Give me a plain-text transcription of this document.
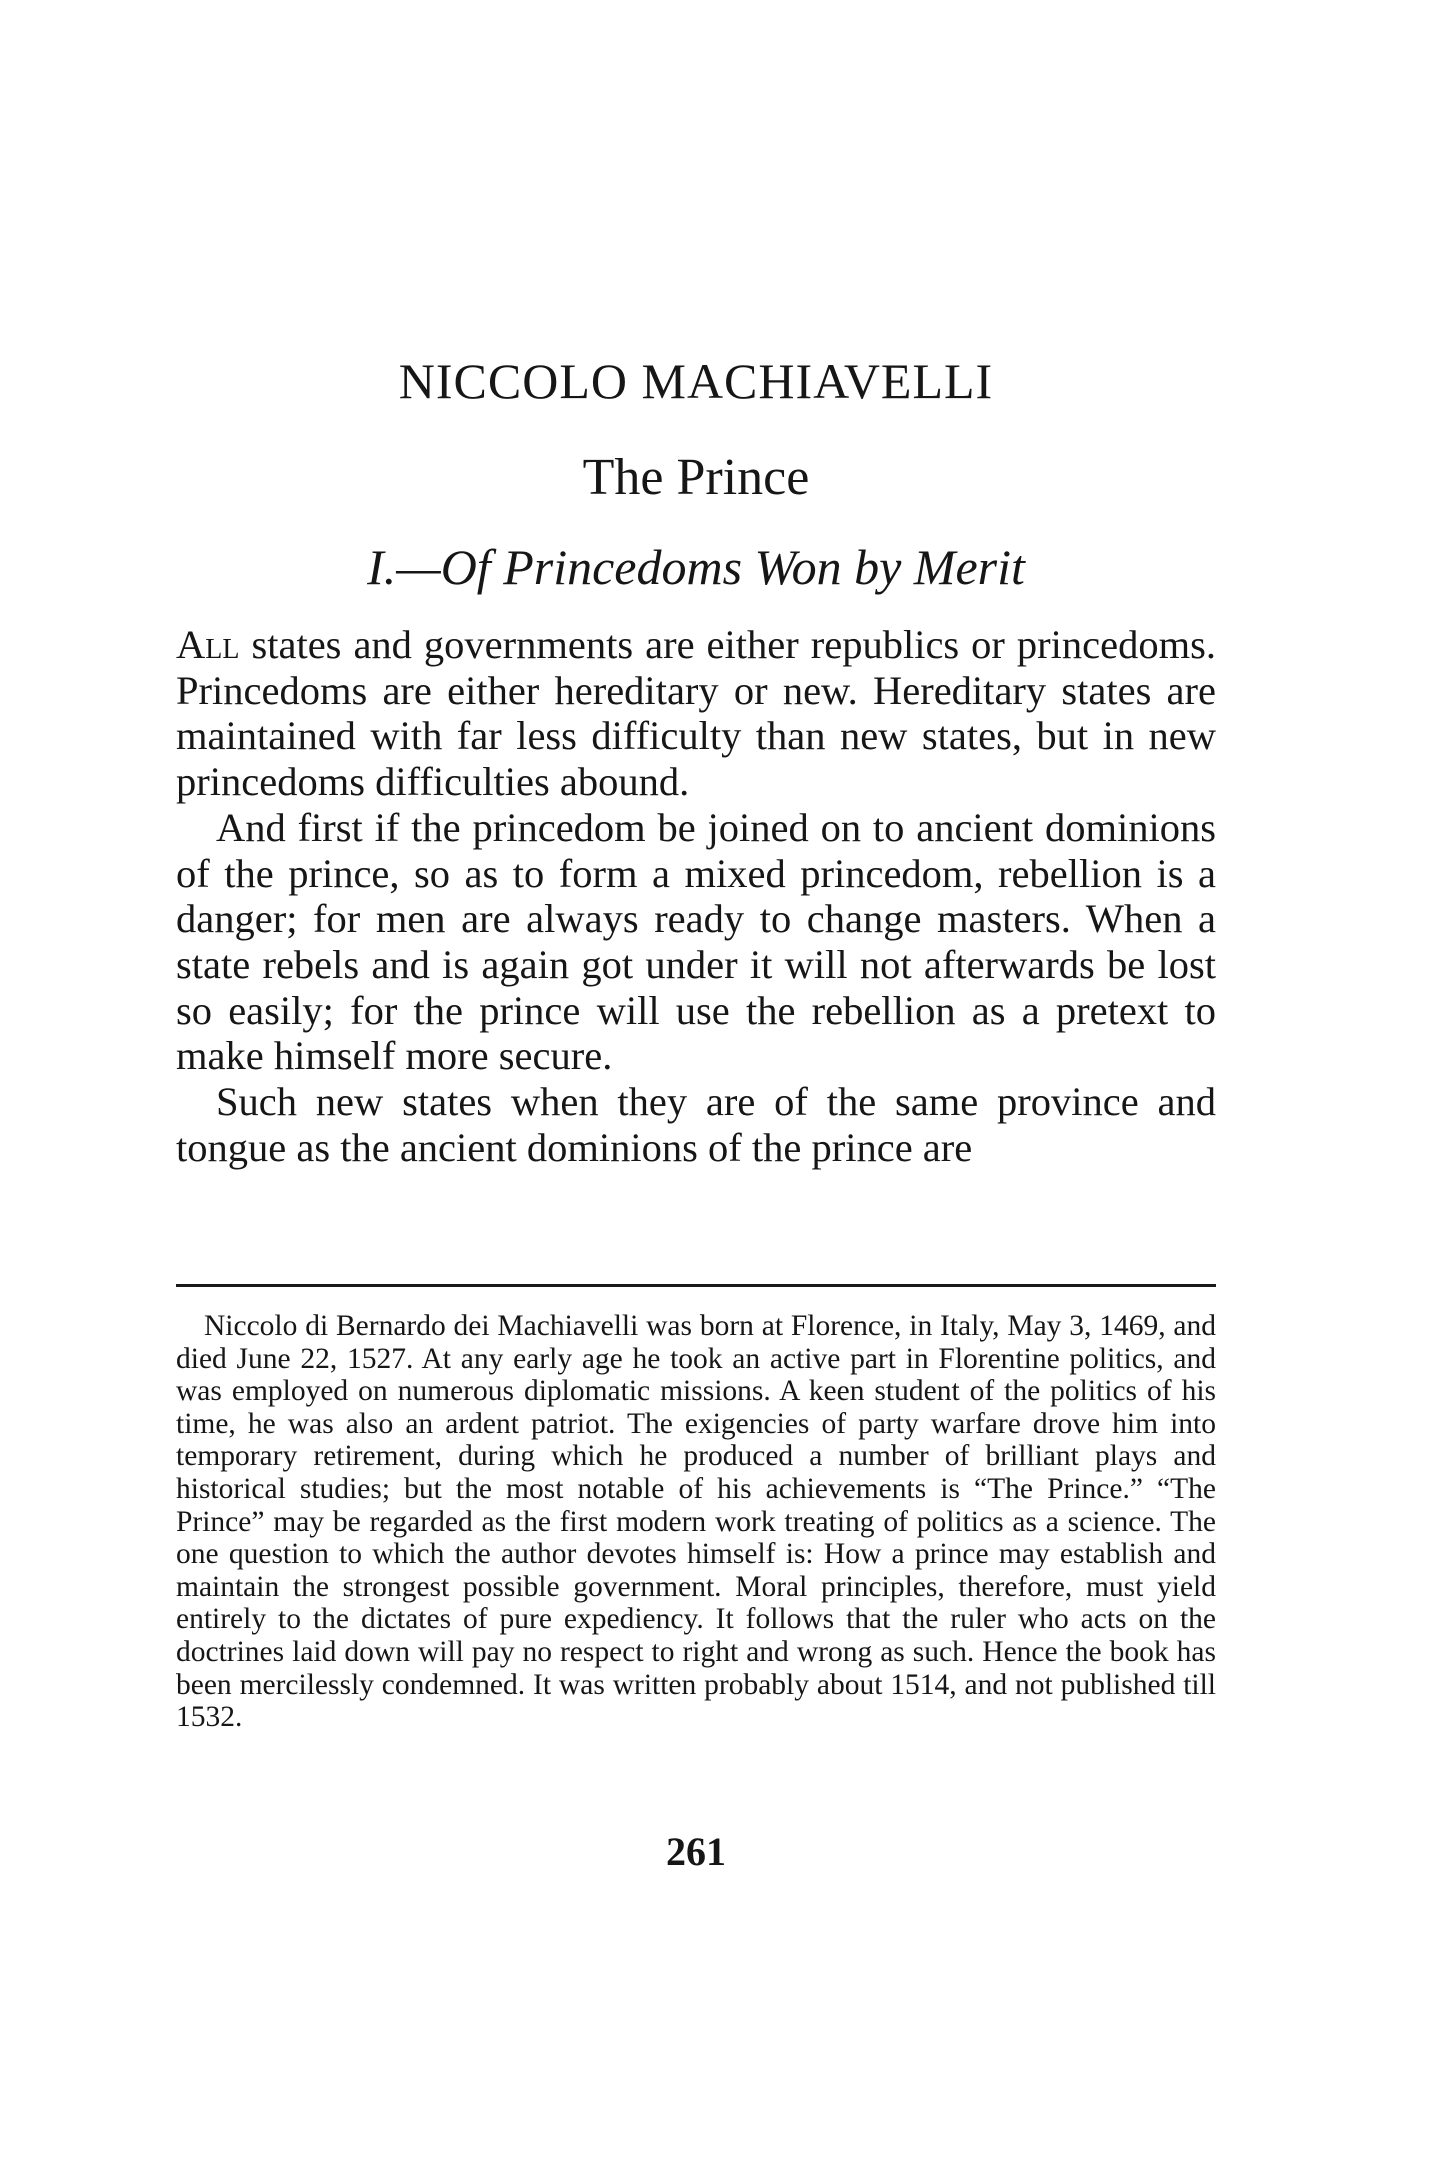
NICCOLO MACHIAVELLI
The Prince
I.—Of Princedoms Won by Merit

All states and governments are either republics or princedoms. Princedoms are either hereditary or new. Hereditary states are maintained with far less difficulty than new states, but in new princedoms difficulties abound.

And first if the princedom be joined on to ancient dominions of the prince, so as to form a mixed princedom, rebellion is a danger; for men are always ready to change masters. When a state rebels and is again got under it will not afterwards be lost so easily; for the prince will use the rebellion as a pretext to make himself more secure.

Such new states when they are of the same province and tongue as the ancient dominions of the prince are

Niccolo di Bernardo dei Machiavelli was born at Florence, in Italy, May 3, 1469, and died June 22, 1527. At any early age he took an active part in Florentine politics, and was employed on numerous diplomatic missions. A keen student of the politics of his time, he was also an ardent patriot. The exigencies of party warfare drove him into temporary retirement, during which he produced a number of brilliant plays and historical studies; but the most notable of his achievements is “The Prince.” “The Prince” may be regarded as the first modern work treating of politics as a science. The one question to which the author devotes himself is: How a prince may establish and maintain the strongest possible government. Moral principles, therefore, must yield entirely to the dictates of pure expediency. It follows that the ruler who acts on the doctrines laid down will pay no respect to right and wrong as such. Hence the book has been mercilessly condemned. It was written probably about 1514, and not published till 1532.

261
